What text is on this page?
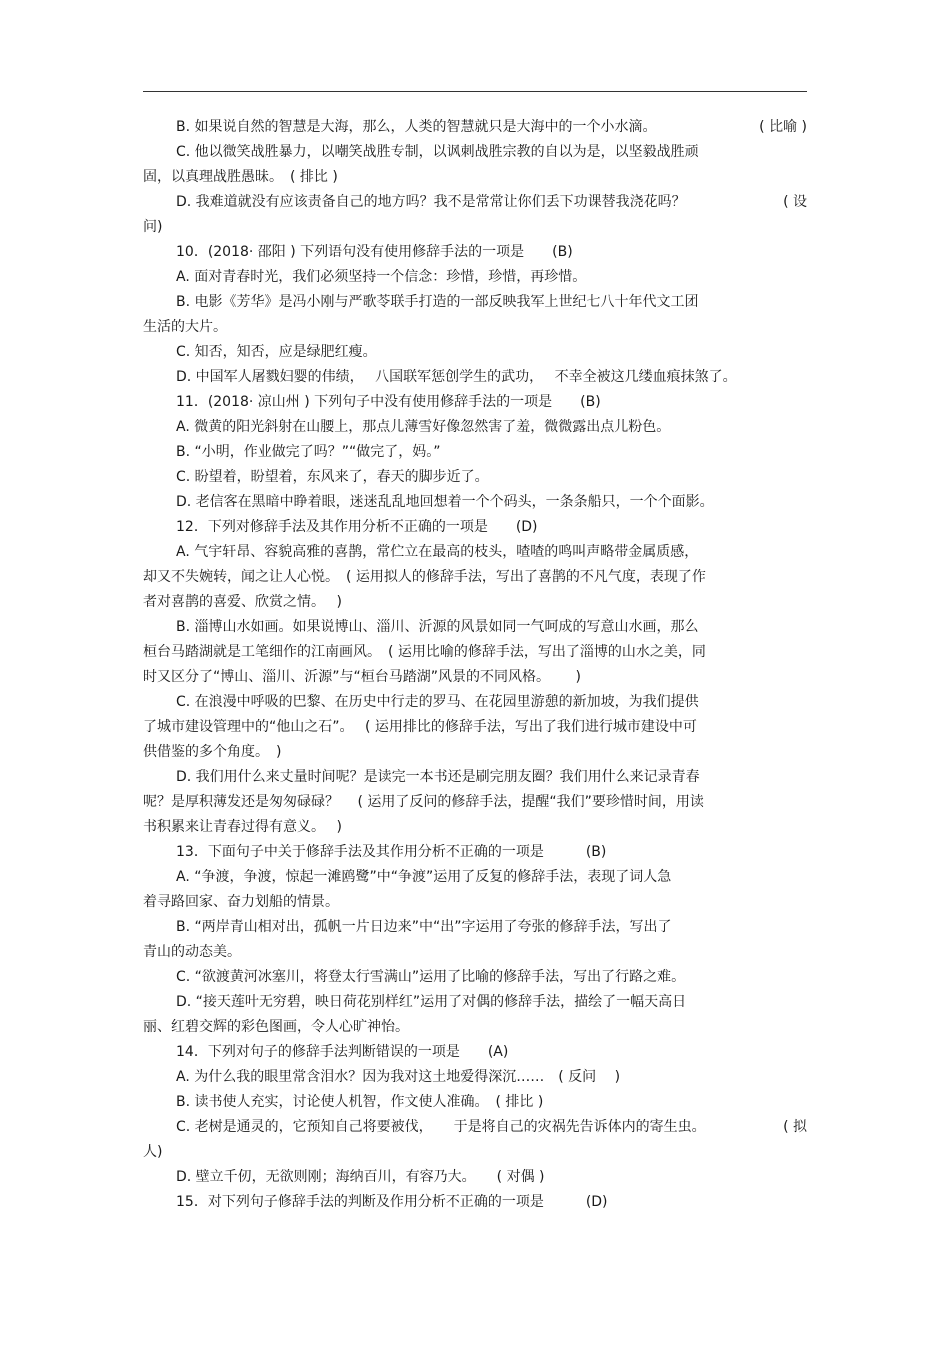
B. 如果说自然的智慧是大海，那么，人类的智慧就只是大海中的一个小水滴。	( 比喻 )
C. 他以微笑战胜暴力，以嘲笑战胜专制，以讽刺战胜宗教的自以为是，以坚毅战胜顽
固，以真理战胜愚昧。　( 排比 )
D. 我难道就没有应该责备自己的地方吗？我不是常常让你们丢下功课替我浇花吗？	( 设
问)
10．(2018· 邵阳 ) 下列语句没有使用修辞手法的一项是　　(B)
A. 面对青春时光，我们必须坚持一个信念：珍惜，珍惜，再珍惜。
B. 电影《芳华》是冯小刚与严歌苓联手打造的一部反映我军上世纪七八十年代文工团
生活的大片。
C. 知否，知否，应是绿肥红瘦。
D. 中国军人屠戮妇婴的伟绩，　 八国联军惩创学生的武功，　 不幸全被这几缕血痕抹煞了。
11．(2018· 凉山州 ) 下列句子中没有使用修辞手法的一项是　　(B)
A. 微黄的阳光斜射在山腰上，那点儿薄雪好像忽然害了羞，微微露出点儿粉色。
B. “小明，作业做完了吗？”“做完了，妈。”
C. 盼望着，盼望着，东风来了，春天的脚步近了。
D. 老信客在黑暗中睁着眼，迷迷乱乱地回想着一个个码头，一条条船只，一个个面影。
12．下列对修辞手法及其作用分析不正确的一项是　　(D)
A. 气宇轩昂、容貌高雅的喜鹊，常伫立在最高的枝头，喳喳的鸣叫声略带金属质感，
却又不失婉转，闻之让人心悦。　( 运用拟人的修辞手法，写出了喜鹊的不凡气度，表现了作
者对喜鹊的喜爱、欣赏之情。　 )
B. 淄博山水如画。如果说博山、淄川、沂源的风景如同一气呵成的写意山水画，那么
桓台马踏湖就是工笔细作的江南画风。　( 运用比喻的修辞手法，写出了淄博的山水之美，同
时又区分了“博山、淄川、沂源”与“桓台马踏湖”风景的不同风格。　　 )
C. 在浪漫中呼吸的巴黎、在历史中行走的罗马、在花园里游憩的新加坡，为我们提供
了城市建设管理中的“他山之石”。　 ( 运用排比的修辞手法，写出了我们进行城市建设中可
供借鉴的多个角度。　)
D. 我们用什么来丈量时间呢？是读完一本书还是刷完朋友圈？我们用什么来记录青春
呢？是厚积薄发还是匆匆碌碌？　 ( 运用了反问的修辞手法，提醒“我们”要珍惜时间，用读
书积累来让青春过得有意义。　 )
13．下面句子中关于修辞手法及其作用分析不正确的一项是　　　(B)
A. “争渡，争渡，惊起一滩鸥鹭”中“争渡”运用了反复的修辞手法，表现了词人急
着寻路回家、奋力划船的情景。
B. “两岸青山相对出，孤帆一片日边来”中“出”字运用了夸张的修辞手法，写出了
青山的动态美。
C. “欲渡黄河冰塞川，将登太行雪满山”运用了比喻的修辞手法，写出了行路之难。
D. “接天莲叶无穷碧，映日荷花别样红”运用了对偶的修辞手法，描绘了一幅天高日
丽、红碧交辉的彩色图画，令人心旷神怡。
14．下列对句子的修辞手法判断错误的一项是　　(A)
A. 为什么我的眼里常含泪水？因为我对这土地爱得深沉……　( 反问　 )
B. 读书使人充实，讨论使人机智，作文使人准确。　( 排比 )
C. 老树是通灵的，它预知自己将要被伐，　　于是将自己的灾祸先告诉体内的寄生虫。	( 拟
人)
D. 壁立千仞，无欲则刚；海纳百川，有容乃大。　　( 对偶 )
15．对下列句子修辞手法的判断及作用分析不正确的一项是　　　(D)
